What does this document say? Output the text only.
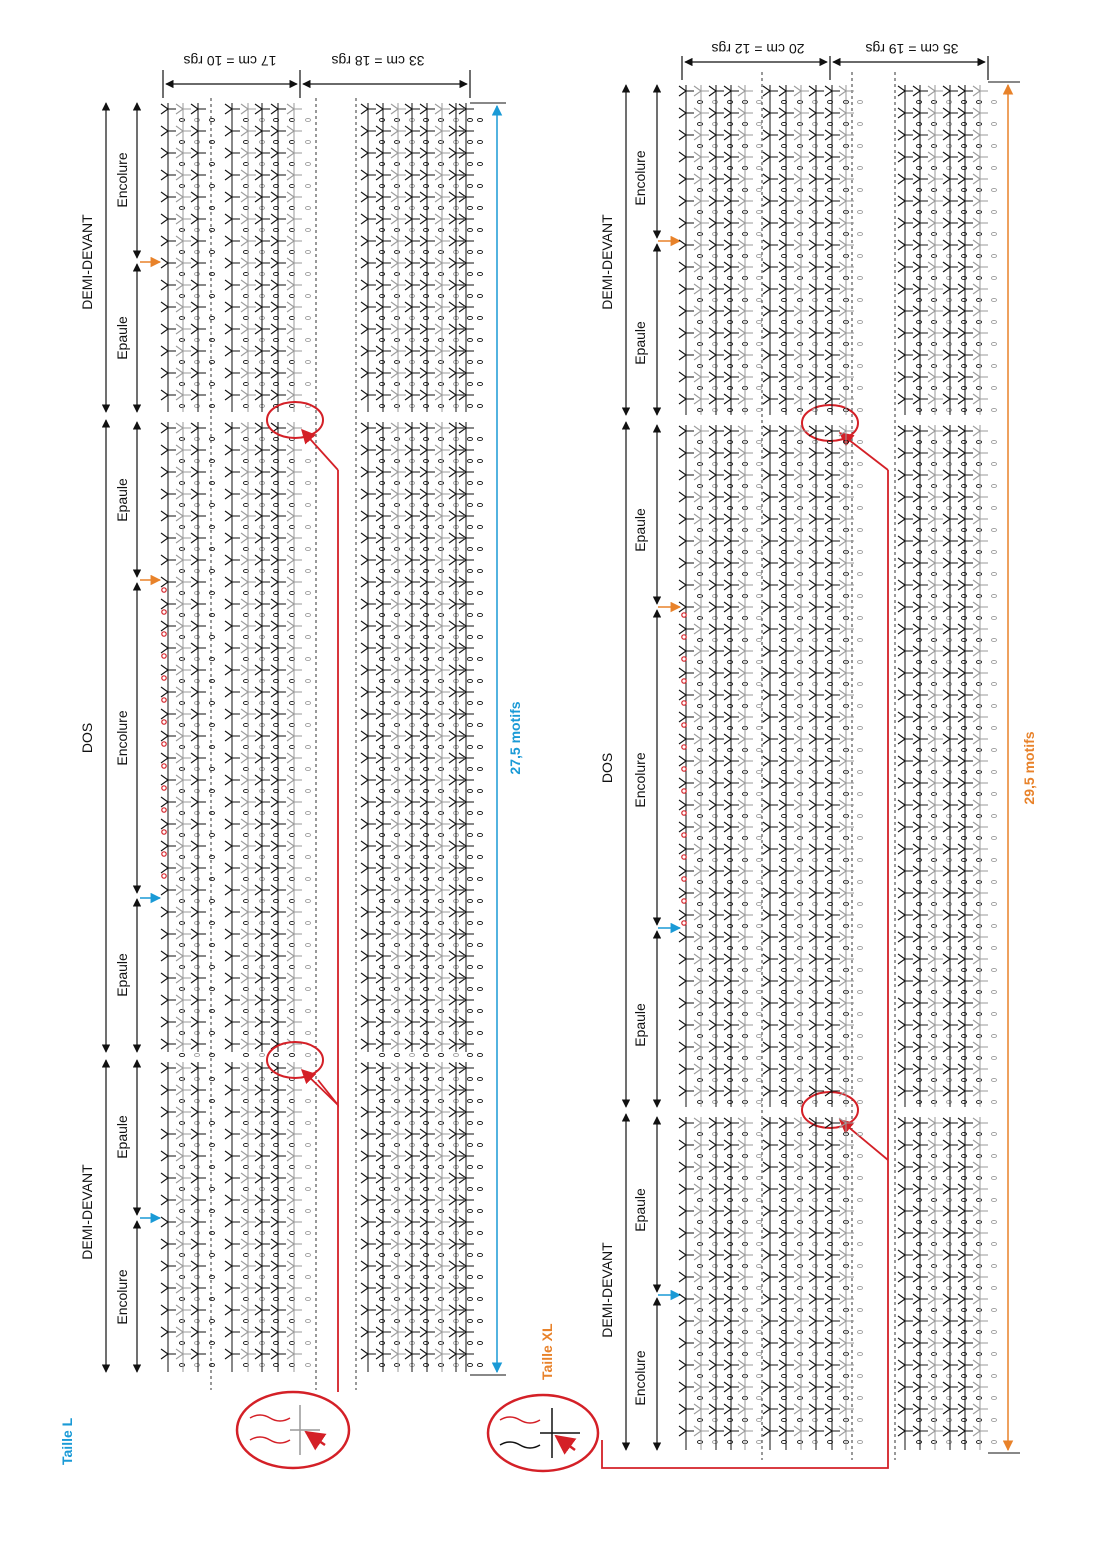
Taille L
17 cm = 10 rgs	33 cm = 18 rgs
27,5 motifs
DEMI-DEVANT
DOS
DEMI-DEVANT
Encolure
Epaule
Epaule
Encolure
Epaule
Epaule
Encolure
Taille XL
20 cm = 12 rgs	35 cm = 19 rgs
29,5 motifs
DEMI-DEVANT
DOS
DEMI-DEVANT
Encolure
Epaule
Epaule
Encolure
Epaule
Epaule
Encolure
